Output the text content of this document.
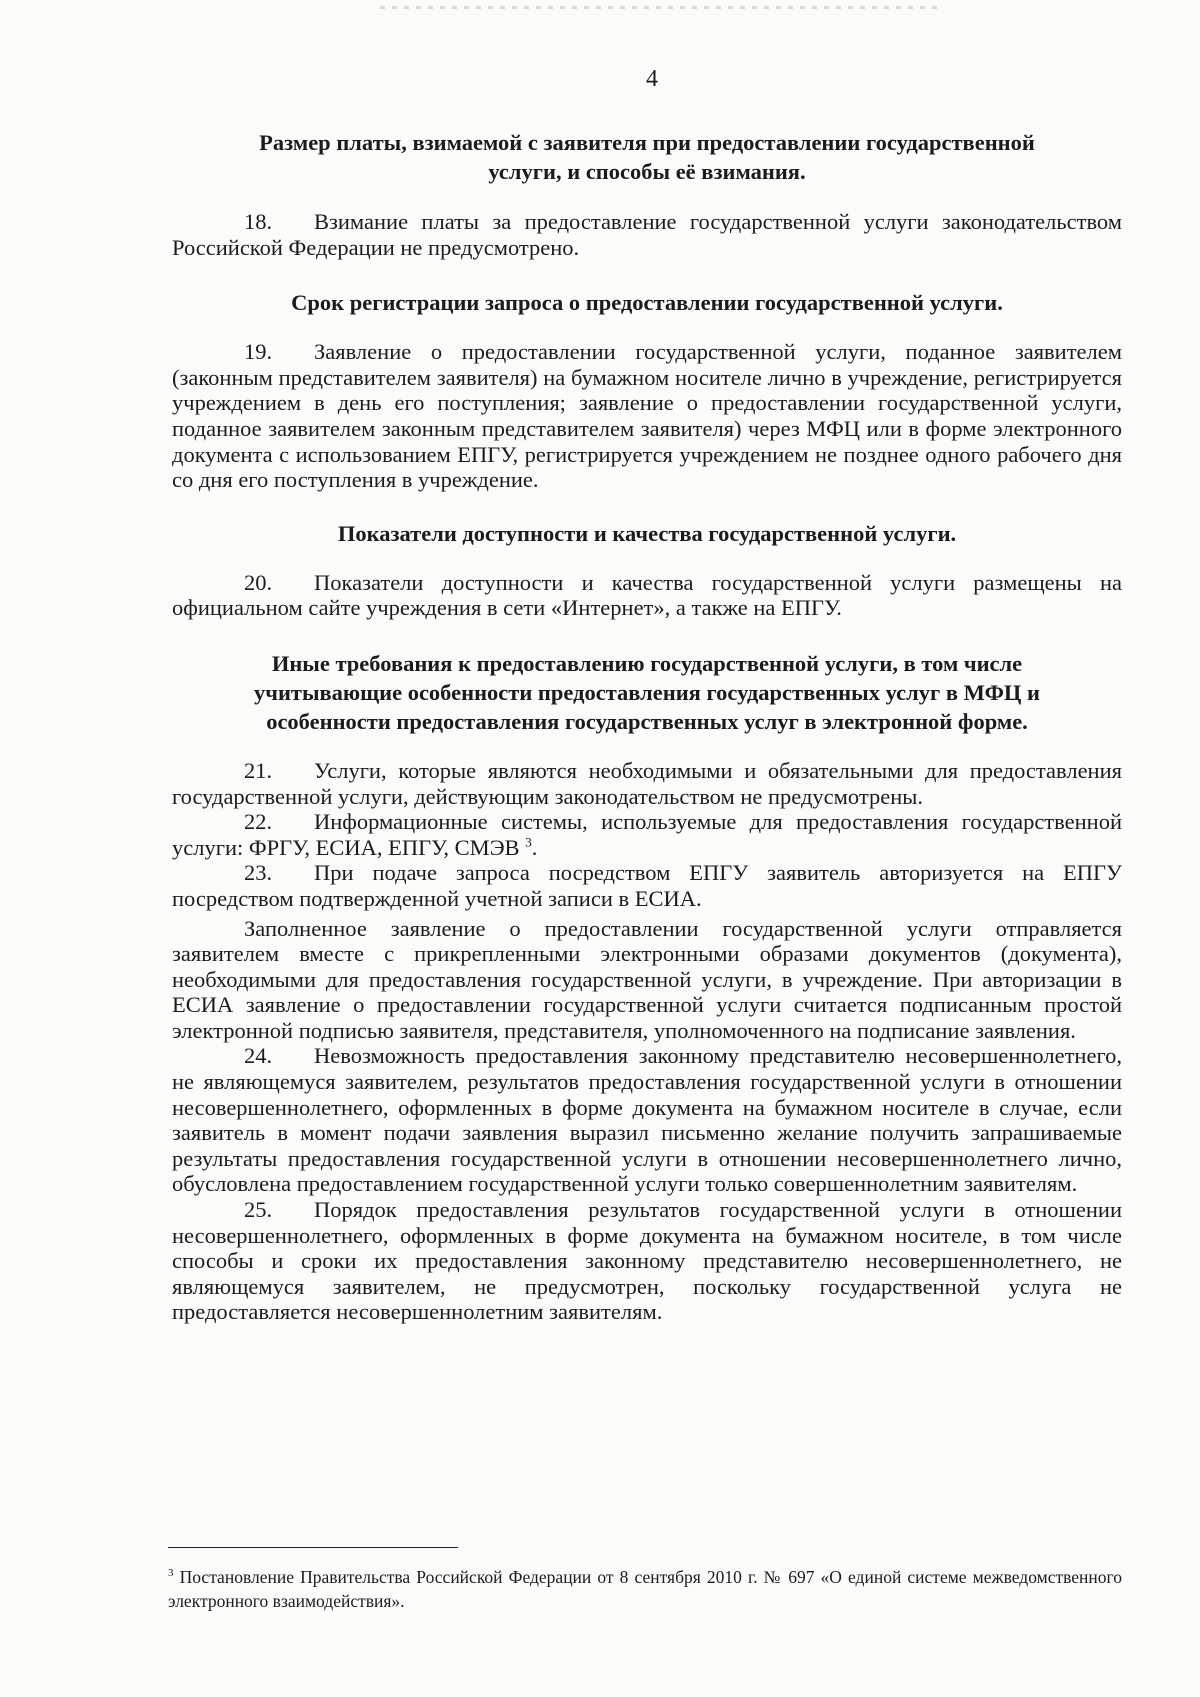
4
Размер платы, взимаемой с заявителя при предоставлении государственной
услуги, и способы её взимания.

18. Взимание платы за предоставление государственной услуги законодательством Российской Федерации не предусмотрено.

Срок регистрации запроса о предоставлении государственной услуги.

19. Заявление о предоставлении государственной услуги, поданное заявителем (законным представителем заявителя) на бумажном носителе лично в учреждение, регистрируется учреждением в день его поступления; заявление о предоставлении государственной услуги, поданное заявителем законным представителем заявителя) через МФЦ или в форме электронного документа с использованием ЕПГУ, регистрируется учреждением не позднее одного рабочего дня со дня его поступления в учреждение.

Показатели доступности и качества государственной услуги.

20. Показатели доступности и качества государственной услуги размещены на официальном сайте учреждения в сети «Интернет», а также на ЕПГУ.

Иные требования к предоставлению государственной услуги, в том числе
учитывающие особенности предоставления государственных услуг в МФЦ и
особенности предоставления государственных услуг в электронной форме.

21. Услуги, которые являются необходимыми и обязательными для предоставления государственной услуги, действующим законодательством не предусмотрены.

22. Информационные системы, используемые для предоставления государственной услуги: ФРГУ, ЕСИА, ЕПГУ, СМЭВ $^3$.

23. При подаче запроса посредством ЕПГУ заявитель авторизуется на ЕПГУ посредством подтвержденной учетной записи в ЕСИА.

Заполненное заявление о предоставлении государственной услуги отправляется заявителем вместе с прикрепленными электронными образами документов (документа), необходимыми для предоставления государственной услуги, в учреждение. При авторизации в ЕСИА заявление о предоставлении государственной услуги считается подписанным простой электронной подписью заявителя, представителя, уполномоченного на подписание заявления.

24. Невозможность предоставления законному представителю несовершеннолетнего, не являющемуся заявителем, результатов предоставления государственной услуги в отношении несовершеннолетнего, оформленных в форме документа на бумажном носителе в случае, если заявитель в момент подачи заявления выразил письменно желание получить запрашиваемые результаты предоставления государственной услуги в отношении несовершеннолетнего лично, обусловлена предоставлением государственной услуги только совершеннолетним заявителям.

25. Порядок предоставления результатов государственной услуги в отношении несовершеннолетнего, оформленных в форме документа на бумажном носителе, в том числе способы и сроки их предоставления законному представителю несовершеннолетнего, не являющемуся заявителем, не предусмотрен, поскольку государственной услуга не предоставляется несовершеннолетним заявителям.

$^3$ Постановление Правительства Российской Федерации от 8 сентября 2010 г. № 697 «О единой системе межведомственного электронного взаимодействия».
